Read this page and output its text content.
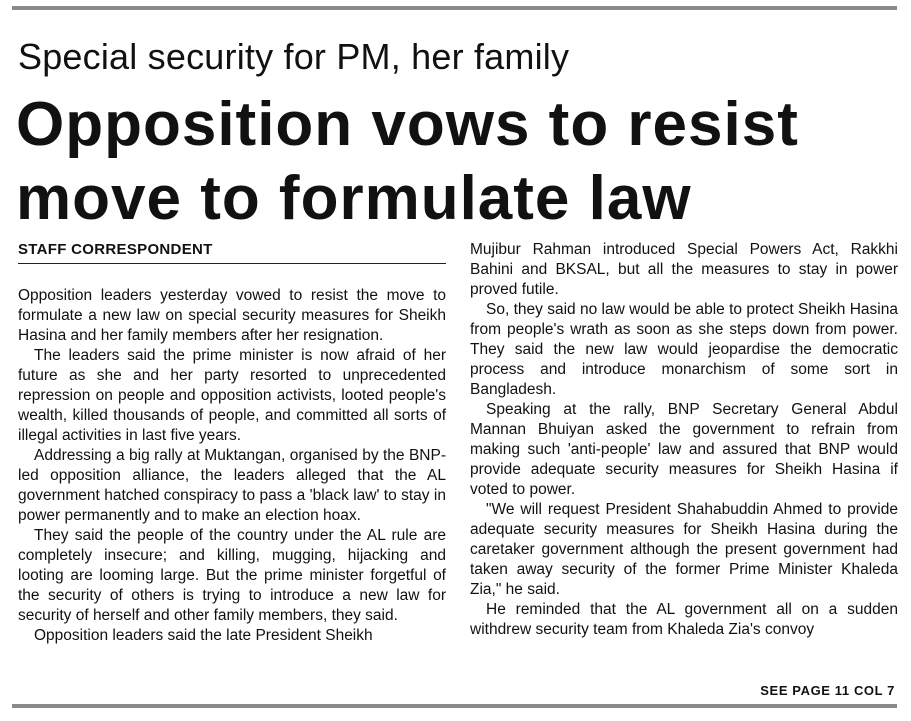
Special security for PM, her family
Opposition vows to resist move to formulate law
STAFF CORRESPONDENT

Opposition leaders yesterday vowed to resist the move to formulate a new law on special security measures for Sheikh Hasina and her family members after her resignation.

The leaders said the prime minister is now afraid of her future as she and her party resorted to unprecedented repression on people and opposition activists, looted people's wealth, killed thousands of people, and committed all sorts of illegal activities in last five years.

Addressing a big rally at Muktangan, organised by the BNP-led opposition alliance, the leaders alleged that the AL government hatched conspiracy to pass a 'black law' to stay in power permanently and to make an election hoax.

They said the people of the country under the AL rule are completely insecure; and killing, mugging, hijacking and looting are looming large. But the prime minister forgetful of the security of others is trying to introduce a new law for security of herself and other family members, they said.

Opposition leaders said the late President Sheikh

Mujibur Rahman introduced Special Powers Act, Rakkhi Bahini and BKSAL, but all the measures to stay in power proved futile.

So, they said no law would be able to protect Sheikh Hasina from people's wrath as soon as she steps down from power. They said the new law would jeopardise the democratic process and introduce monarchism of some sort in Bangladesh.

Speaking at the rally, BNP Secretary General Abdul Mannan Bhuiyan asked the government to refrain from making such 'anti-people' law and assured that BNP would provide adequate security measures for Sheikh Hasina if voted to power.

"We will request President Shahabuddin Ahmed to provide adequate security measures for Sheikh Hasina during the caretaker government although the present government had taken away security of the former Prime Minister Khaleda Zia," he said.

He reminded that the AL government all on a sudden withdrew security team from Khaleda Zia's convoy

SEE PAGE 11 COL 7
